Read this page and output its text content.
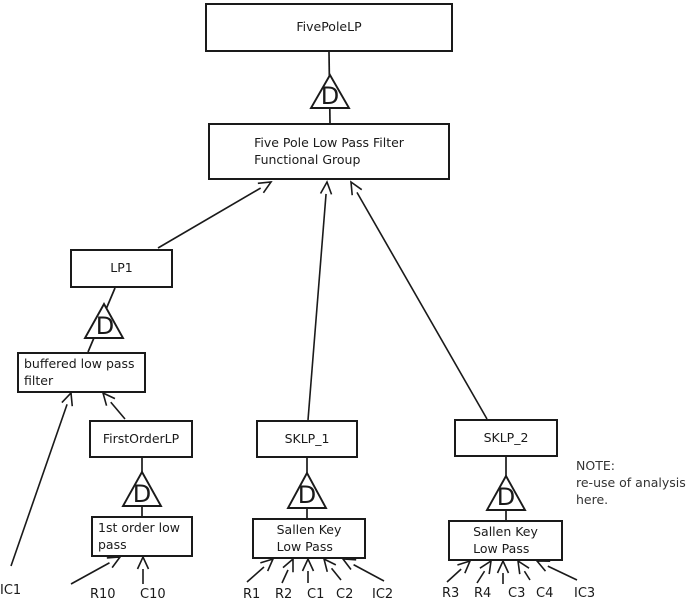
D
D
D	D	D
FivePoleLP
Five Pole Low Pass Filter
Functional Group
LP1
buffered low pass
filter
FirstOrderLP
1st order low
pass
SKLP_1
Sallen Key
Low Pass
SKLP_2
Sallen Key
Low Pass
NOTE:
re-use of analysis
here.
IC1	R10 C10	R1 R2 C1 C2 IC2	R3 R4 C3 C4 IC3
